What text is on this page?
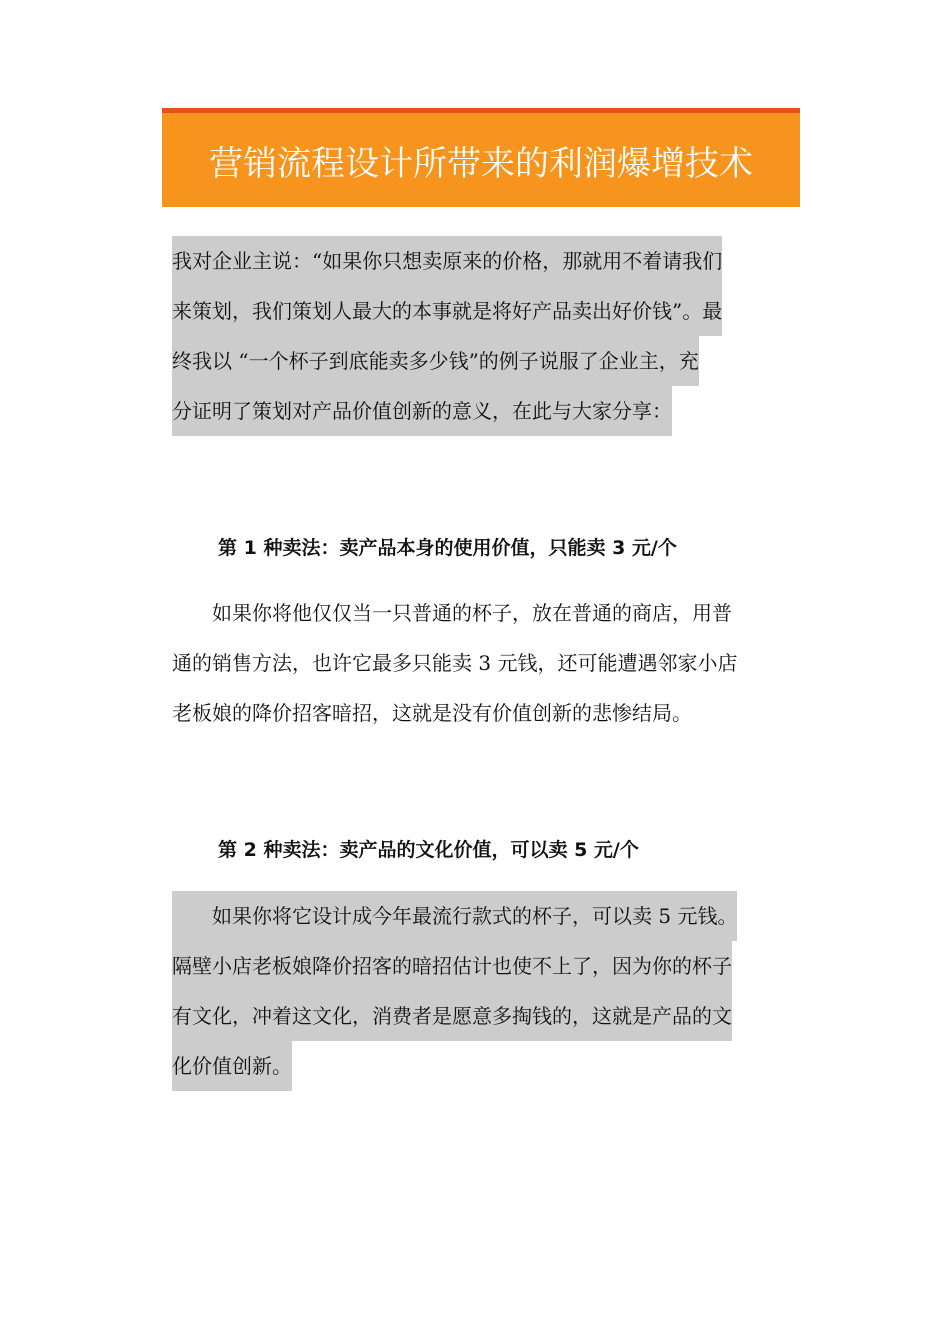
营销流程设计所带来的利润爆增技术
我对企业主说：“如果你只想卖原来的价格，那就用不着请我们
来策划，我们策划人最大的本事就是将好产品卖出好价钱”。最
终我以 “一个杯子到底能卖多少钱”的例子说服了企业主，充
分证明了策划对产品价值创新的意义，在此与大家分享：
第 1 种卖法：卖产品本身的使用价值，只能卖 3 元/个
　　如果你将他仅仅当一只普通的杯子，放在普通的商店，用普
通的销售方法，也许它最多只能卖 3 元钱，还可能遭遇邻家小店
老板娘的降价招客暗招，这就是没有价值创新的悲惨结局。
第 2 种卖法：卖产品的文化价值，可以卖 5 元/个
　　如果你将它设计成今年最流行款式的杯子，可以卖 5 元钱。
隔壁小店老板娘降价招客的暗招估计也使不上了，因为你的杯子
有文化，冲着这文化，消费者是愿意多掏钱的，这就是产品的文
化价值创新。
